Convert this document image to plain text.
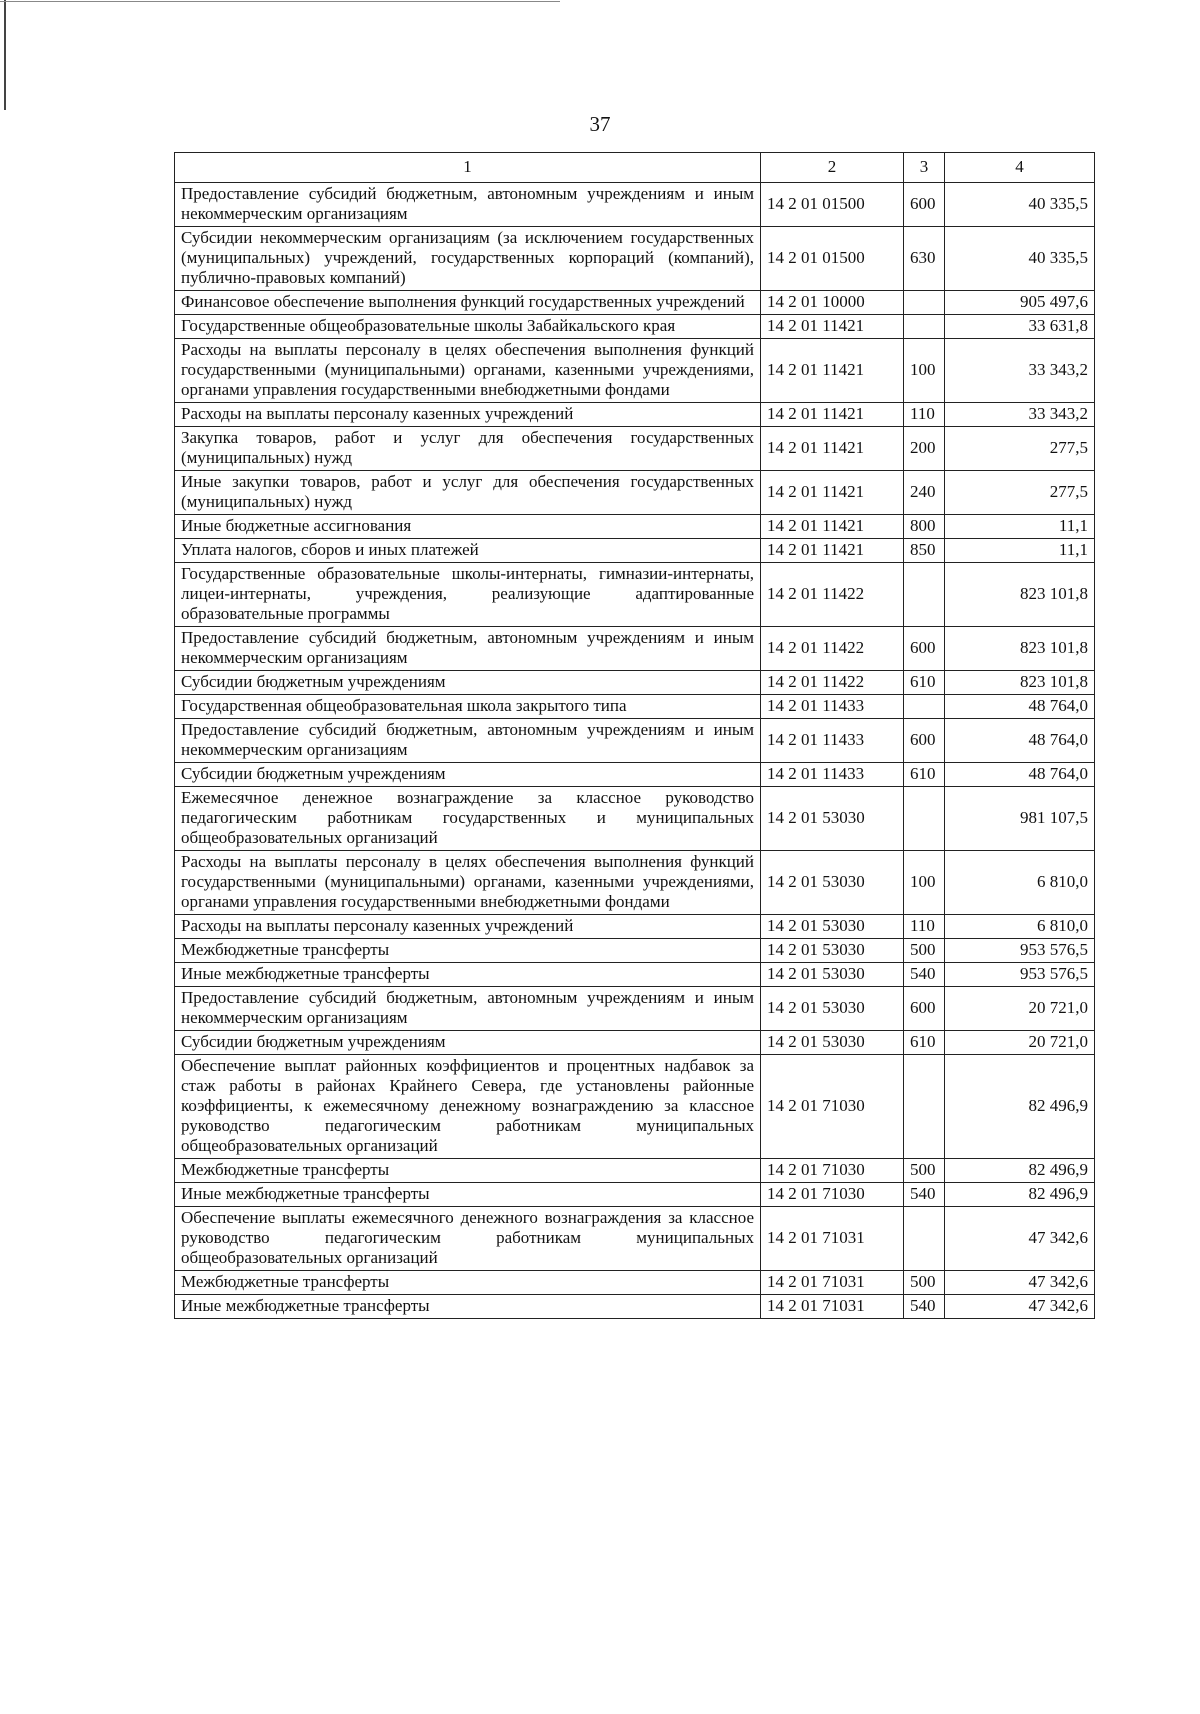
37
1	2	3	4
Предоставление субсидий бюджетным, автономным учреждениям и иным некоммерческим организациям	14 2 01 01500	600	40 335,5
Субсидии некоммерческим организациям (за исключением государственных (муниципальных) учреждений, государственных корпораций (компаний), публично-правовых компаний)	14 2 01 01500	630	40 335,5
Финансовое обеспечение выполнения функций государственных учреждений	14 2 01 10000		905 497,6
Государственные общеобразовательные школы Забайкальского края	14 2 01 11421		33 631,8
Расходы на выплаты персоналу в целях обеспечения выполнения функций государственными (муниципальными) органами, казенными учреждениями, органами управления государственными внебюджетными фондами	14 2 01 11421	100	33 343,2
Расходы на выплаты персоналу казенных учреждений	14 2 01 11421	110	33 343,2
Закупка товаров, работ и услуг для обеспечения государственных (муниципальных) нужд	14 2 01 11421	200	277,5
Иные закупки товаров, работ и услуг для обеспечения государственных (муниципальных) нужд	14 2 01 11421	240	277,5
Иные бюджетные ассигнования	14 2 01 11421	800	11,1
Уплата налогов, сборов и иных платежей	14 2 01 11421	850	11,1
Государственные образовательные школы-интернаты, гимназии-интернаты, лицеи-интернаты, учреждения, реализующие адаптированные образовательные программы	14 2 01 11422		823 101,8
Предоставление субсидий бюджетным, автономным учреждениям и иным некоммерческим организациям	14 2 01 11422	600	823 101,8
Субсидии бюджетным учреждениям	14 2 01 11422	610	823 101,8
Государственная общеобразовательная школа закрытого типа	14 2 01 11433		48 764,0
Предоставление субсидий бюджетным, автономным учреждениям и иным некоммерческим организациям	14 2 01 11433	600	48 764,0
Субсидии бюджетным учреждениям	14 2 01 11433	610	48 764,0
Ежемесячное денежное вознаграждение за классное руководство педагогическим работникам государственных и муниципальных общеобразовательных организаций	14 2 01 53030		981 107,5
Расходы на выплаты персоналу в целях обеспечения выполнения функций государственными (муниципальными) органами, казенными учреждениями, органами управления государственными внебюджетными фондами	14 2 01 53030	100	6 810,0
Расходы на выплаты персоналу казенных учреждений	14 2 01 53030	110	6 810,0
Межбюджетные трансферты	14 2 01 53030	500	953 576,5
Иные межбюджетные трансферты	14 2 01 53030	540	953 576,5
Предоставление субсидий бюджетным, автономным учреждениям и иным некоммерческим организациям	14 2 01 53030	600	20 721,0
Субсидии бюджетным учреждениям	14 2 01 53030	610	20 721,0
Обеспечение выплат районных коэффициентов и процентных надбавок за стаж работы в районах Крайнего Севера, где установлены районные коэффициенты, к ежемесячному денежному вознаграждению за классное руководство педагогическим работникам муниципальных общеобразовательных организаций	14 2 01 71030		82 496,9
Межбюджетные трансферты	14 2 01 71030	500	82 496,9
Иные межбюджетные трансферты	14 2 01 71030	540	82 496,9
Обеспечение выплаты ежемесячного денежного вознаграждения за классное руководство педагогическим работникам муниципальных общеобразовательных организаций	14 2 01 71031		47 342,6
Межбюджетные трансферты	14 2 01 71031	500	47 342,6
Иные межбюджетные трансферты	14 2 01 71031	540	47 342,6
